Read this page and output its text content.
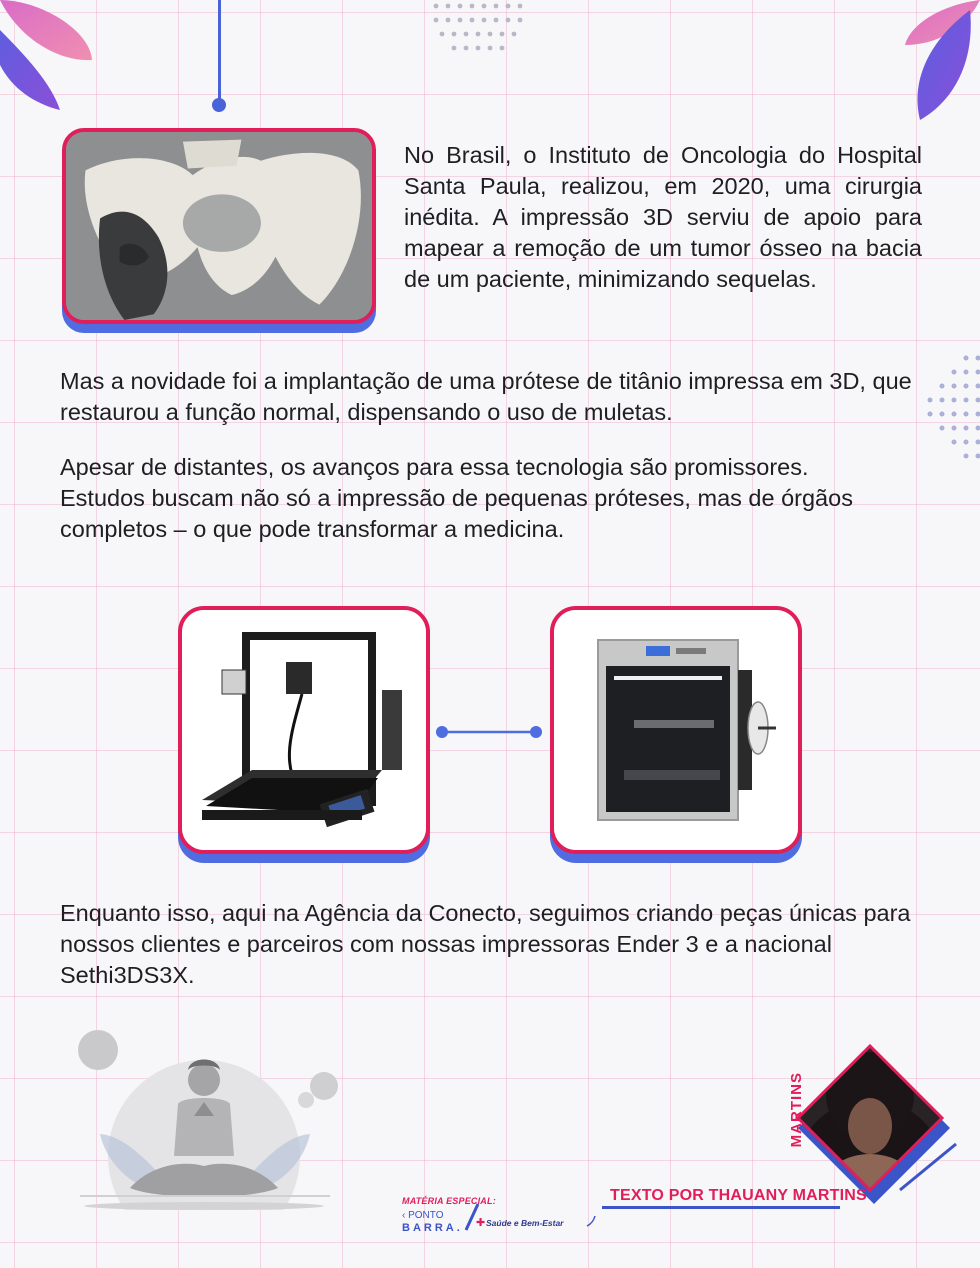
No Brasil, o Instituto de Oncologia do Hospital Santa Paula, realizou, em 2020, uma cirurgia inédita. A impressão 3D serviu de apoio para mapear a remoção de um tumor ósseo na bacia de um paciente, minimizando sequelas.

Mas a novidade foi a implantação de uma prótese de titânio impressa em 3D, que restaurou a função normal, dispensando o uso de muletas.

Apesar de distantes, os avanços para essa tecnologia são promissores. Estudos buscam não só a impressão de pequenas próteses, mas de órgãos completos – o que pode transformar a medicina.

Enquanto isso, aqui na Agência da Conecto, seguimos criando peças únicas para nossos clientes e parceiros com nossas impressoras Ender 3 e a nacional Sethi3DS3X.

MATÉRIA ESPECIAL:
‹ PONTO
BARRA. ✚ Saúde e Bem-Estar
MARTINS
TEXTO POR THAUANY MARTINS
